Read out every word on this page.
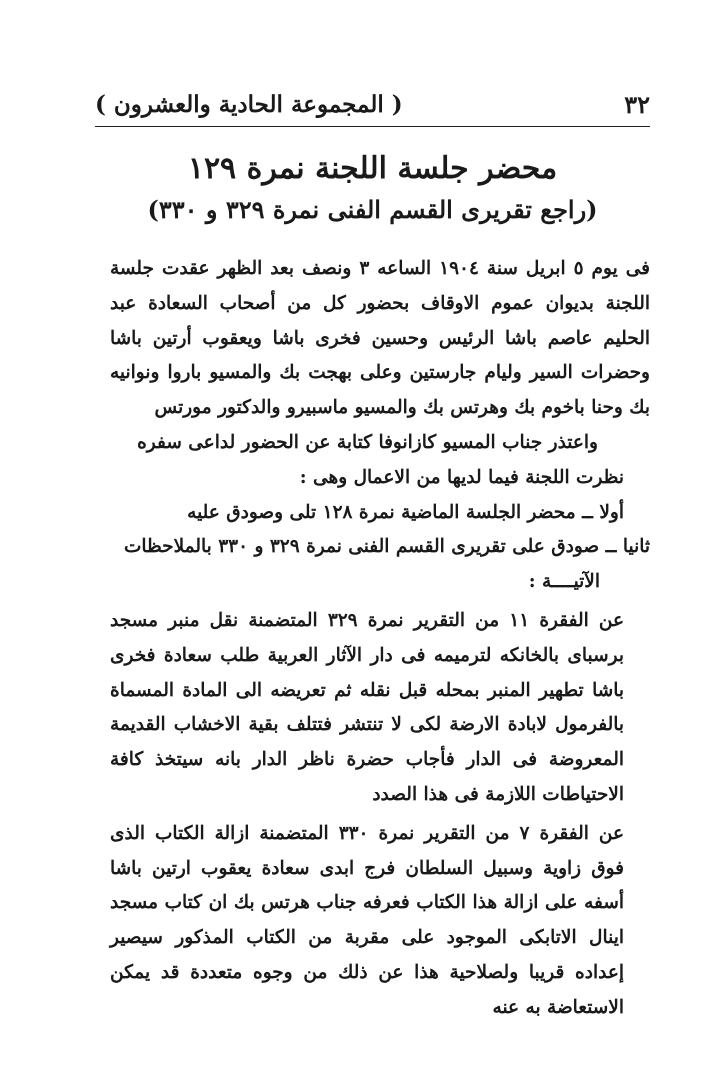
٣٢
( المجموعة الحادية والعشرون )
محضر جلسة اللجنة نمرة ١٢٩
(راجع تقريرى القسم الفنى نمرة ٣٢٩ و ٣٣٠)

فى يوم ٥ ابريل سنة ١٩٠٤ الساعه ٣ ونصف بعد الظهر عقدت جلسة اللجنة بديوان عموم الاوقاف بحضور كل من أصحاب السعادة عبد الحليم عاصم باشا الرئيس وحسين فخرى باشا ويعقوب أرتين باشا وحضرات السير وليام جارستين وعلى بهجت بك والمسيو باروا ونوانيه بك وحنا باخوم بك وهرتس بك والمسيو ماسبيرو والدكتور مورتس

واعتذر جناب المسيو كازانوفا كتابة عن الحضور لداعى سفره

نظرت اللجنة فيما لديها من الاعمال وهى :

أولا ــ محضر الجلسة الماضية نمرة ١٢٨ تلى وصودق عليه

ثانيا ــ صودق على تقريرى القسم الفنى نمرة ٣٢٩ و ٣٣٠ بالملاحظات

الآتيــــة :

عن الفقرة ١١ من التقرير نمرة ٣٢٩ المتضمنة نقل منبر مسجد برسباى بالخانكه لترميمه فى دار الآثار العربية طلب سعادة فخرى باشا تطهير المنبر بمحله قبل نقله ثم تعريضه الى المادة المسماة بالفرمول لابادة الارضة لكى لا تنتشر فتتلف بقية الاخشاب القديمة المعروضة فى الدار فأجاب حضرة ناظر الدار بانه سيتخذ كافة الاحتياطات اللازمة فى هذا الصدد

عن الفقرة ٧ من التقرير نمرة ٣٣٠ المتضمنة ازالة الكتاب الذى فوق زاوية وسبيل السلطان فرج ابدى سعادة يعقوب ارتين باشا أسفه على ازالة هذا الكتاب فعرفه جناب هرتس بك ان كتاب مسجد اينال الاتابكى الموجود على مقربة من الكتاب المذكور سيصير إعداده قريبا ولصلاحية هذا عن ذلك من وجوه متعددة قد يمكن الاستعاضة به عنه
